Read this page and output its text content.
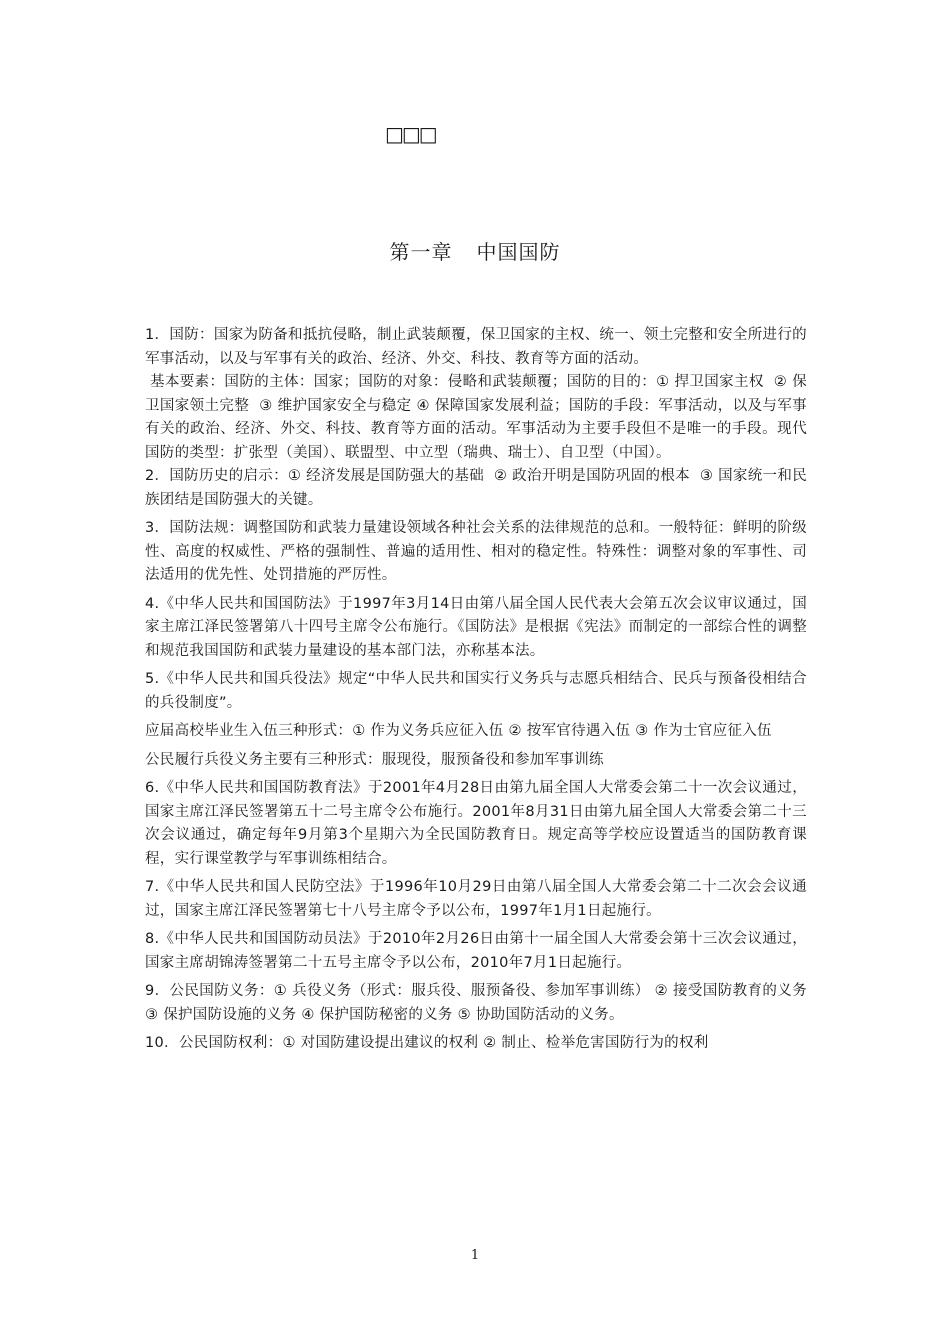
□□□
第一章 中国国防

1．国防：国家为防备和抵抗侵略，制止武装颠覆，保卫国家的主权、统一、领土完整和安全所进行的军事活动，以及与军事有关的政治、经济、外交、科技、教育等方面的活动。

基本要素：国防的主体：国家；国防的对象：侵略和武装颠覆；国防的目的：① 捍卫国家主权  ② 保卫国家领土完整  ③ 维护国家安全与稳定 ④ 保障国家发展利益；国防的手段：军事活动，以及与军事有关的政治、经济、外交、科技、教育等方面的活动。军事活动为主要手段但不是唯一的手段。现代国防的类型：扩张型（美国）、联盟型、中立型（瑞典、瑞士）、自卫型（中国）。

2．国防历史的启示：① 经济发展是国防强大的基础  ② 政治开明是国防巩固的根本  ③ 国家统一和民族团结是国防强大的关键。

3．国防法规：调整国防和武装力量建设领域各种社会关系的法律规范的总和。一般特征：鲜明的阶级性、高度的权威性、严格的强制性、普遍的适用性、相对的稳定性。特殊性：调整对象的军事性、司法适用的优先性、处罚措施的严厉性。

4.《中华人民共和国国防法》于1997年3月14日由第八届全国人民代表大会第五次会议审议通过，国家主席江泽民签署第八十四号主席令公布施行。《国防法》是根据《宪法》而制定的一部综合性的调整和规范我国国防和武装力量建设的基本部门法，亦称基本法。

5.《中华人民共和国兵役法》规定“中华人民共和国实行义务兵与志愿兵相结合、民兵与预备役相结合的兵役制度”。

应届高校毕业生入伍三种形式：① 作为义务兵应征入伍 ② 按军官待遇入伍 ③ 作为士官应征入伍

公民履行兵役义务主要有三种形式：服现役，服预备役和参加军事训练

6.《中华人民共和国国防教育法》于2001年4月28日由第九届全国人大常委会第二十一次会议通过，国家主席江泽民签署第五十二号主席令公布施行。2001年8月31日由第九届全国人大常委会第二十三次会议通过，确定每年9月第3个星期六为全民国防教育日。规定高等学校应设置适当的国防教育课程，实行课堂教学与军事训练相结合。

7.《中华人民共和国人民防空法》于1996年10月29日由第八届全国人大常委会第二十二次会会议通过，国家主席江泽民签署第七十八号主席令予以公布，1997年1月1日起施行。

8.《中华人民共和国国防动员法》于2010年2月26日由第十一届全国人大常委会第十三次会议通过，国家主席胡锦涛签署第二十五号主席令予以公布，2010年7月1日起施行。

9．公民国防义务：① 兵役义务（形式：服兵役、服预备役、参加军事训练） ② 接受国防教育的义务 ③ 保护国防设施的义务 ④ 保护国防秘密的义务 ⑤ 协助国防活动的义务。

10．公民国防权利：① 对国防建设提出建议的权利 ② 制止、检举危害国防行为的权利

1
